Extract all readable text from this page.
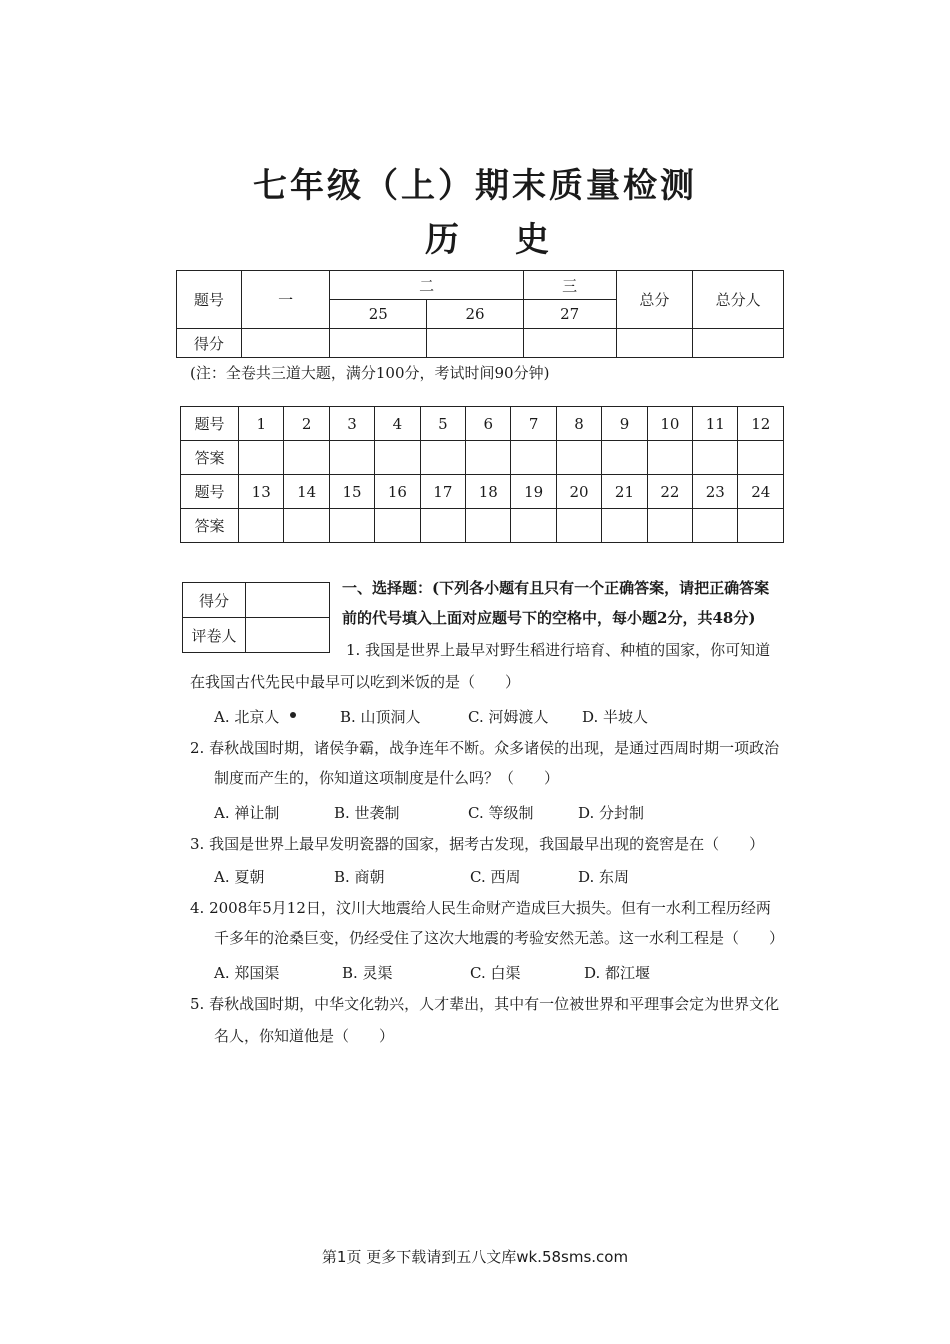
七年级（上）期末质量检测
历史
题号	一	二		三	总分	总分人
		25	26	27		
得分						
(注：全卷共三道大题，满分100分，考试时间90分钟)
题号	1	2	3	4	5	6	7	8	9	10	11	12
答案												
题号	13	14	15	16	17	18	19	20	21	22	23	24
答案												
得分	
评卷人	
一、选择题：(下列各小题有且只有一个正确答案，请把正确答案
前的代号填入上面对应题号下的空格中，每小题2分，共48分)
1. 我国是世界上最早对野生稻进行培育、种植的国家，你可知道
在我国古代先民中最早可以吃到米饭的是（　　）
A. 北京人	B. 山顶洞人	C. 河姆渡人 D. 半坡人
2. 春秋战国时期，诸侯争霸，战争连年不断。众多诸侯的出现，是通过西周时期一项政治
制度而产生的，你知道这项制度是什么吗？（　　）
A. 禅让制	B. 世袭制	C. 等级制	D. 分封制
3. 我国是世界上最早发明瓷器的国家，据考古发现，我国最早出现的瓷窖是在（　　）
A. 夏朝	B. 商朝	C. 西周	D. 东周
4. 2008年5月12日，汶川大地震给人民生命财产造成巨大损失。但有一水利工程历经两
千多年的沧桑巨变，仍经受住了这次大地震的考验安然无恙。这一水利工程是（　　）
A. 郑国渠	B. 灵渠	C. 白渠	D. 都江堰
5. 春秋战国时期，中华文化勃兴，人才辈出，其中有一位被世界和平理事会定为世界文化
名人，你知道他是（　　）
第1页 更多下载请到五八文库wk.58sms.com
